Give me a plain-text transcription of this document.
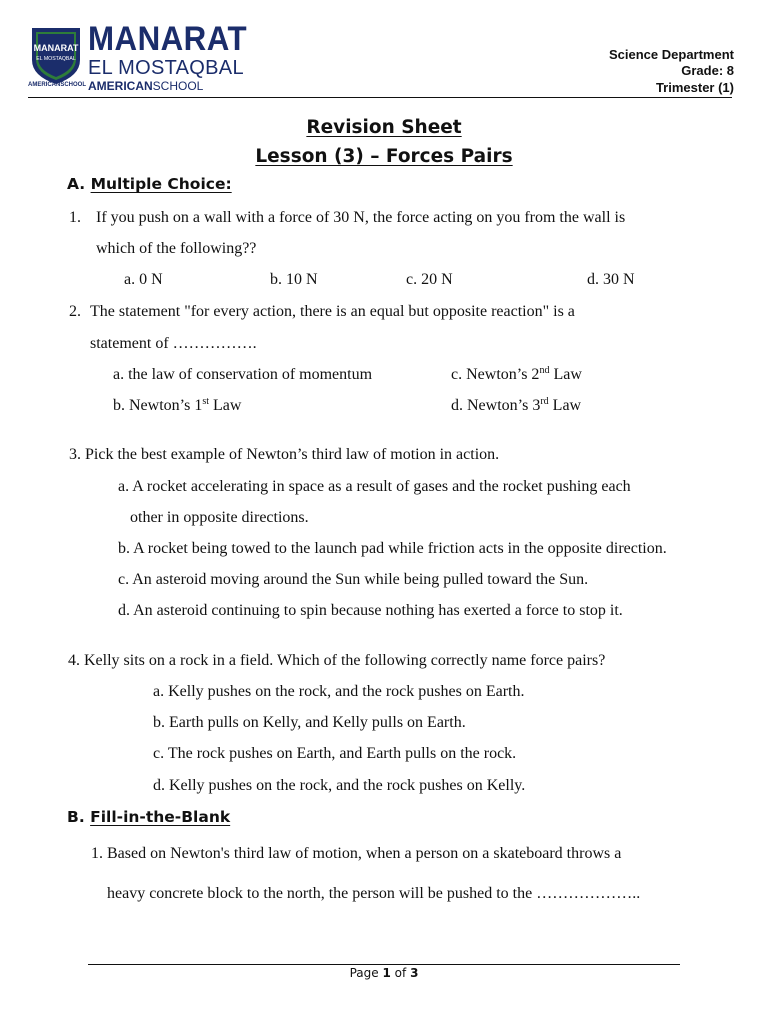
MANARAT
EL MOSTAQBAL
AMERICANSCHOOL
MANARAT
EL MOSTAQBAL
AMERICANSCHOOL
Science Department
Grade: 8
Trimester (1)
Revision Sheet
Lesson (3) – Forces Pairs
A. Multiple Choice:
1. If you push on a wall with a force of 30 N, the force acting on you from the wall is
which of the following??
a. 0 N	b. 10 N	c. 20 N	d. 30 N
2. The statement "for every action, there is an equal but opposite reaction" is a
statement of …………….
a. the law of conservation of momentum	c. Newton’s 2nd Law
b. Newton’s 1st Law	d. Newton’s 3rd Law
3. Pick the best example of Newton’s third law of motion in action.
a. A rocket accelerating in space as a result of gases and the rocket pushing each
other in opposite directions.
b. A rocket being towed to the launch pad while friction acts in the opposite direction.
c. An asteroid moving around the Sun while being pulled toward the Sun.
d. An asteroid continuing to spin because nothing has exerted a force to stop it.
4. Kelly sits on a rock in a field. Which of the following correctly name force pairs?
a. Kelly pushes on the rock, and the rock pushes on Earth.
b. Earth pulls on Kelly, and Kelly pulls on Earth.
c. The rock pushes on Earth, and Earth pulls on the rock.
d. Kelly pushes on the rock, and the rock pushes on Kelly.
B. Fill-in-the-Blank
1. Based on Newton's third law of motion, when a person on a skateboard throws a
heavy concrete block to the north, the person will be pushed to the ………………..
Page 1 of 3
